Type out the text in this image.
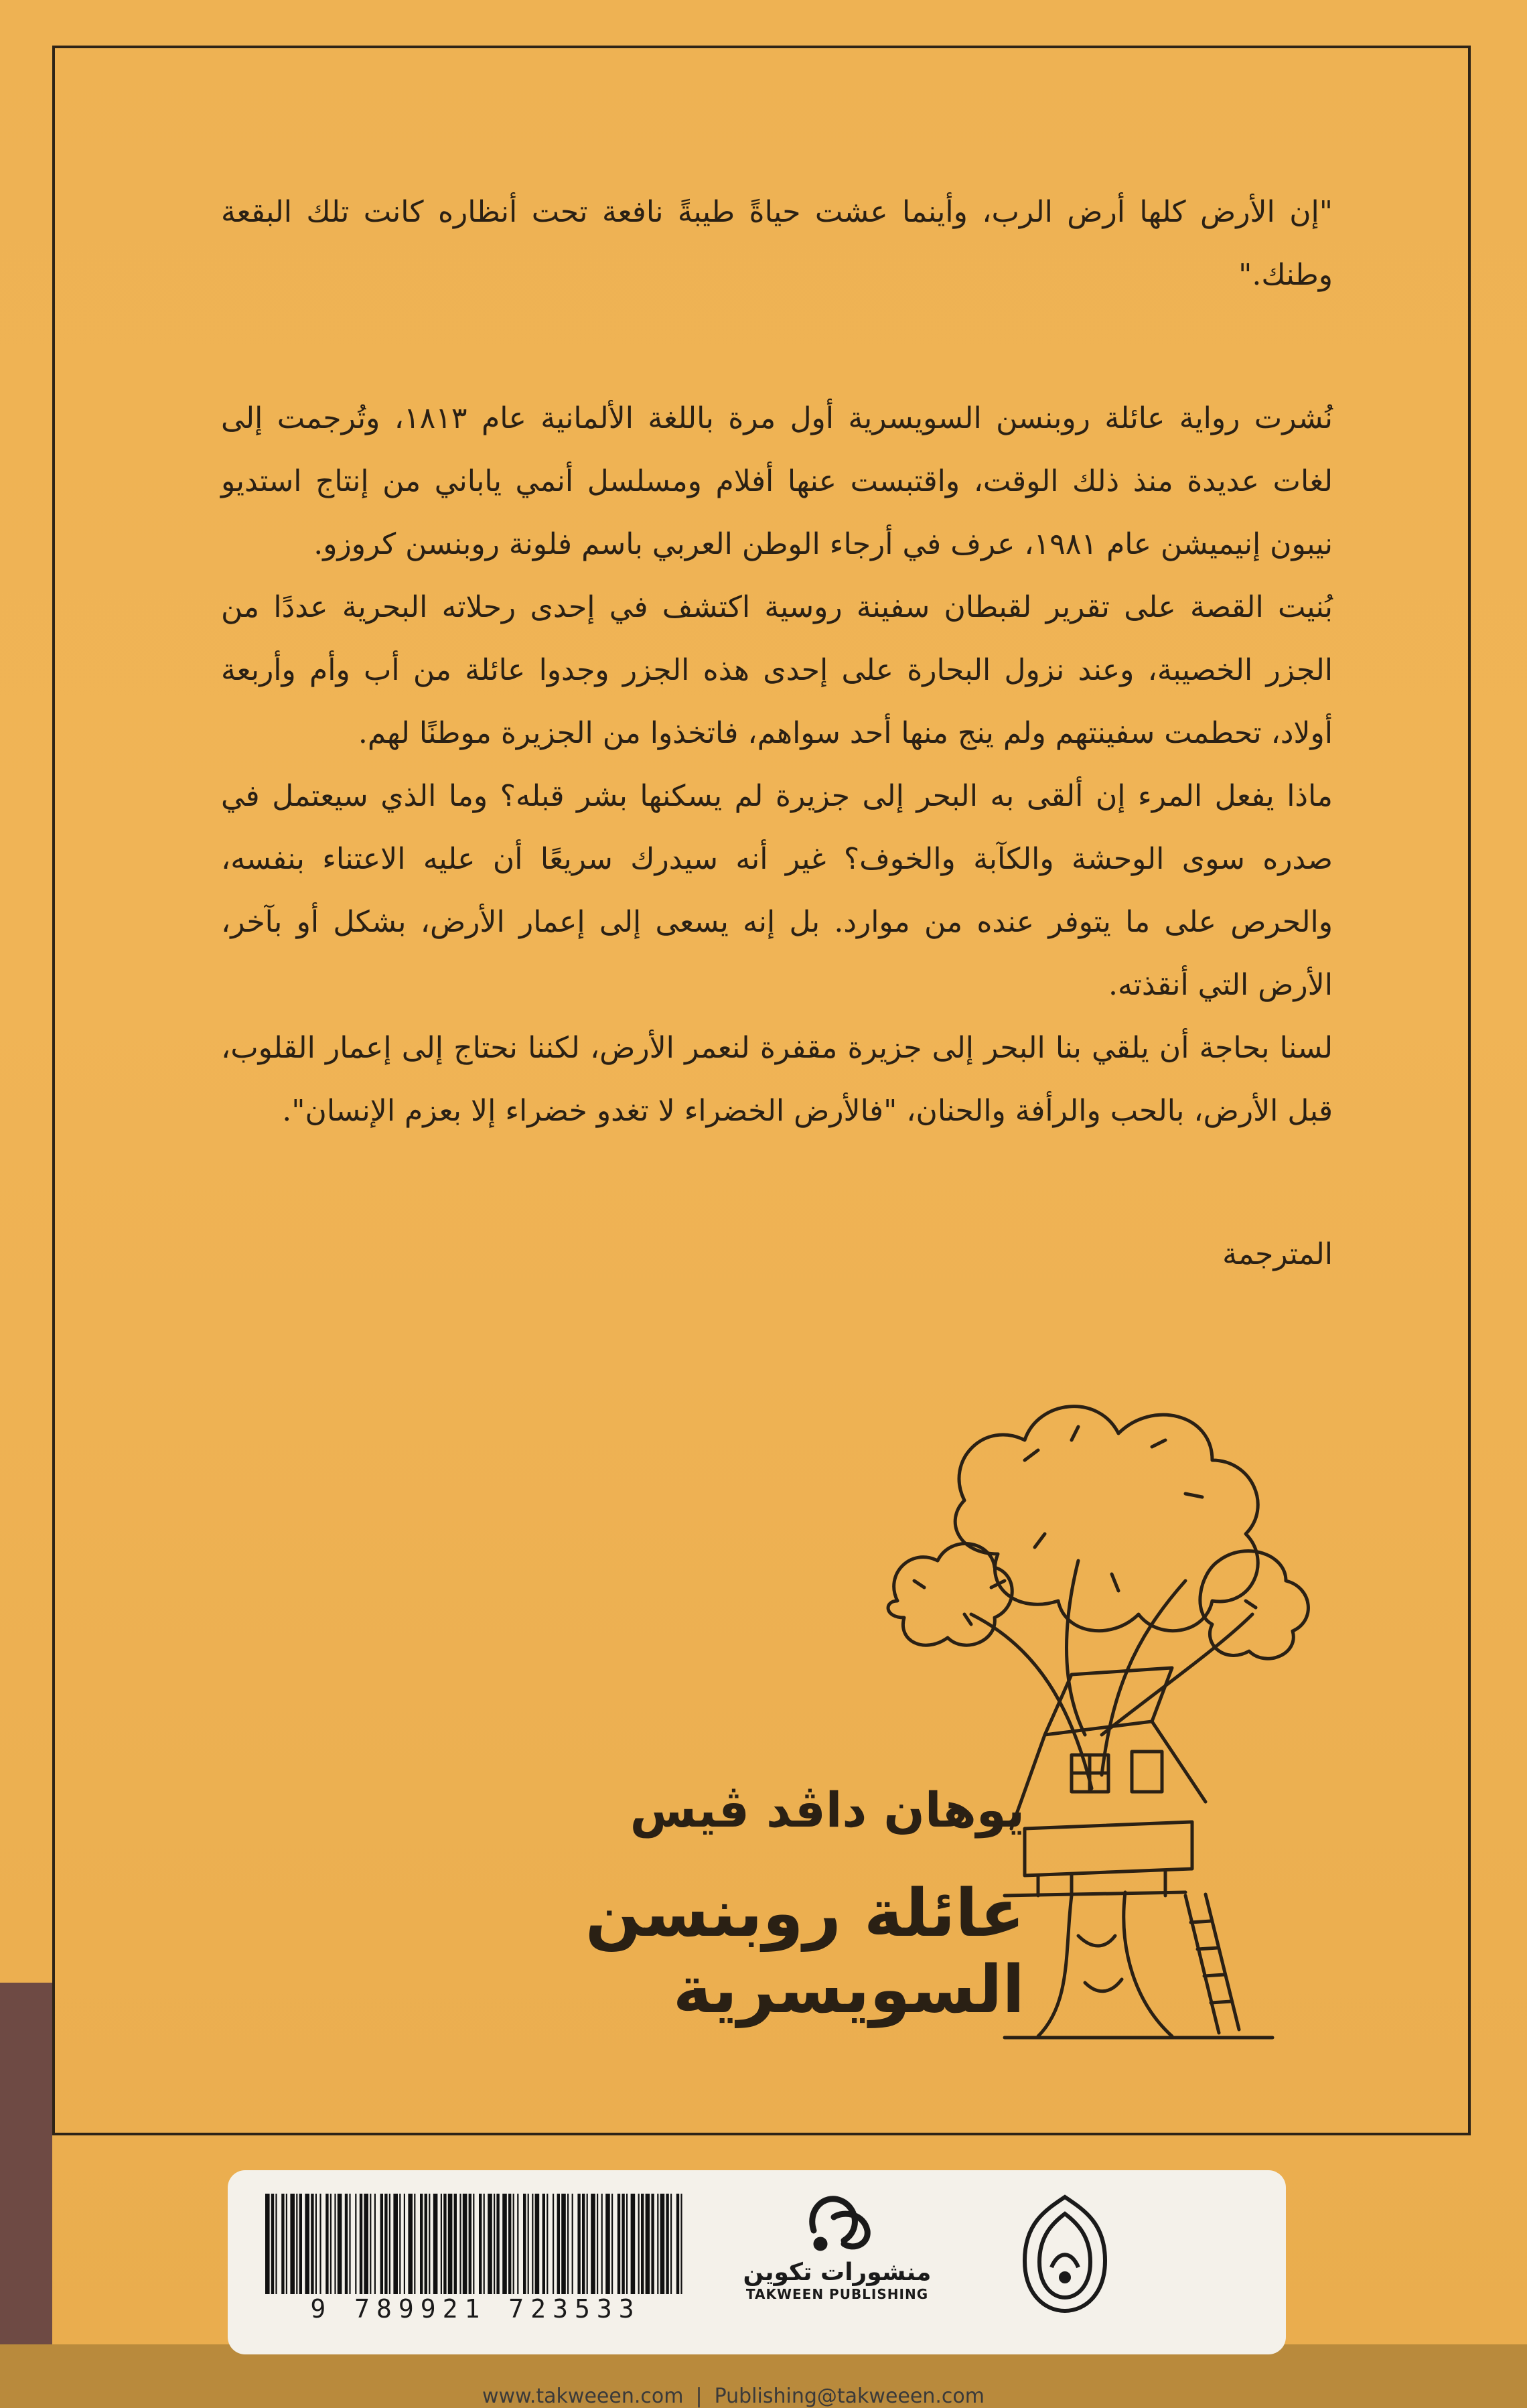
"إن الأرض كلها أرض الرب، وأينما عشت حياةً طيبةً نافعة تحت أنظاره كانت تلك البقعة وطنك."

نُشرت رواية عائلة روبنسن السويسرية أول مرة باللغة الألمانية عام ١٨١٣، وتُرجمت إلى لغات عديدة منذ ذلك الوقت، واقتبست عنها أفلام ومسلسل أنمي ياباني من إنتاج استديو نيبون إنيميشن عام ١٩٨١، عرف في أرجاء الوطن العربي باسم فلونة روبنسن كروزو.

بُنيت القصة على تقرير لقبطان سفينة روسية اكتشف في إحدى رحلاته البحرية عددًا من الجزر الخصيبة، وعند نزول البحارة على إحدى هذه الجزر وجدوا عائلة من أب وأم وأربعة أولاد، تحطمت سفينتهم ولم ينج منها أحد سواهم، فاتخذوا من الجزيرة موطنًا لهم.

ماذا يفعل المرء إن ألقى به البحر إلى جزيرة لم يسكنها بشر قبله؟ وما الذي سيعتمل في صدره سوى الوحشة والكآبة والخوف؟ غير أنه سيدرك سريعًا أن عليه الاعتناء بنفسه، والحرص على ما يتوفر عنده من موارد. بل إنه يسعى إلى إعمار الأرض، بشكل أو بآخر، الأرض التي أنقذته.

لسنا بحاجة أن يلقي بنا البحر إلى جزيرة مقفرة لنعمر الأرض، لكننا نحتاج إلى إعمار القلوب، قبل الأرض، بالحب والرأفة والحنان، "فالأرض الخضراء لا تغدو خضراء إلا بعزم الإنسان".

المترجمة

يوهان داڤد ڤيس
عائلة روبنسن السويسرية
9 789921 723533
منشورات تكوين
TAKWEEN PUBLISHING
www.takweeen.com | Publishing@takweeen.com
